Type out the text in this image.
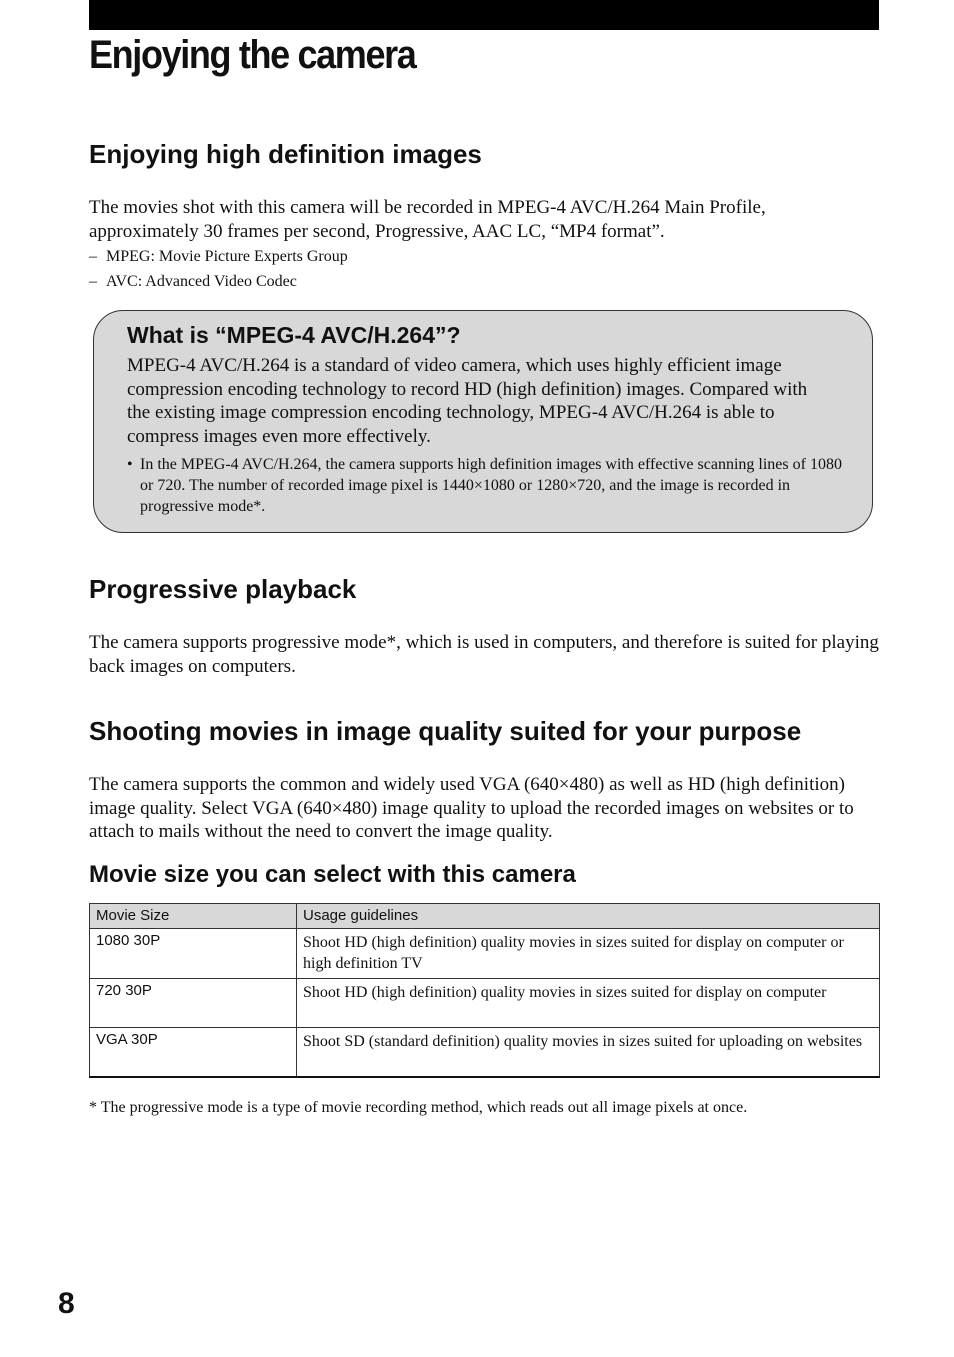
Enjoying the camera
Enjoying high definition images

The movies shot with this camera will be recorded in MPEG-4 AVC/H.264 Main Profile, approximately 30 frames per second, Progressive, AAC LC, “MP4 format”.

– MPEG: Movie Picture Experts Group

– AVC: Advanced Video Codec

What is “MPEG-4 AVC/H.264”?

MPEG-4 AVC/H.264 is a standard of video camera, which uses highly efficient image compression encoding technology to record HD (high definition) images. Compared with the existing image compression encoding technology, MPEG-4 AVC/H.264 is able to compress images even more effectively.

• In the MPEG-4 AVC/H.264, the camera supports high definition images with effective scanning lines of 1080 or 720. The number of recorded image pixel is 1440×1080 or 1280×720, and the image is recorded in progressive mode*.

Progressive playback

The camera supports progressive mode*, which is used in computers, and therefore is suited for playing back images on computers.

Shooting movies in image quality suited for your purpose

The camera supports the common and widely used VGA (640×480) as well as HD (high definition) image quality. Select VGA (640×480) image quality to upload the recorded images on websites or to attach to mails without the need to convert the image quality.

Movie size you can select with this camera
Movie Size	Usage guidelines
1080 30P	Shoot HD (high definition) quality movies in sizes suited for display on computer or high definition TV
720 30P	Shoot HD (high definition) quality movies in sizes suited for display on computer
VGA 30P	Shoot SD (standard definition) quality movies in sizes suited for uploading on websites

* The progressive mode is a type of movie recording method, which reads out all image pixels at once.

8
